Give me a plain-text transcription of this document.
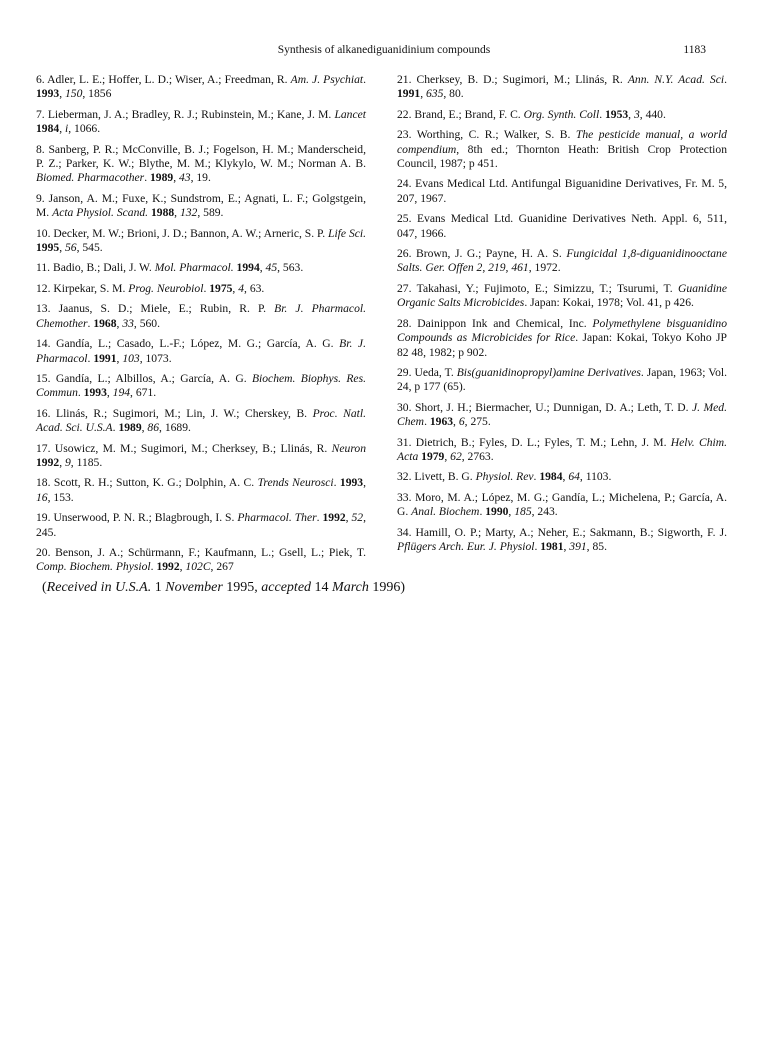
Synthesis of alkanediguanidinium compounds	1183

6. Adler, L. E.; Hoffer, L. D.; Wiser, A.; Freedman, R. Am. J. Psychiat. 1993, 150, 1856

7. Lieberman, J. A.; Bradley, R. J.; Rubinstein, M.; Kane, J. M. Lancet 1984, i, 1066.

8. Sanberg, P. R.; McConville, B. J.; Fogelson, H. M.; Manderscheid, P. Z.; Parker, K. W.; Blythe, M. M.; Klykylo, W. M.; Norman A. B. Biomed. Pharmacother. 1989, 43, 19.

9. Janson, A. M.; Fuxe, K.; Sundstrom, E.; Agnati, L. F.; Golgstgein, M. Acta Physiol. Scand. 1988, 132, 589.

10. Decker, M. W.; Brioni, J. D.; Bannon, A. W.; Arneric, S. P. Life Sci. 1995, 56, 545.

11. Badio, B.; Dali, J. W. Mol. Pharmacol. 1994, 45, 563.

12. Kirpekar, S. M. Prog. Neurobiol. 1975, 4, 63.

13. Jaanus, S. D.; Miele, E.; Rubin, R. P. Br. J. Pharmacol. Chemother. 1968, 33, 560.

14. Gandía, L.; Casado, L.-F.; López, M. G.; García, A. G. Br. J. Pharmacol. 1991, 103, 1073.

15. Gandía, L.; Albillos, A.; García, A. G. Biochem. Biophys. Res. Commun. 1993, 194, 671.

16. Llinás, R.; Sugimori, M.; Lin, J. W.; Cherskey, B. Proc. Natl. Acad. Sci. U.S.A. 1989, 86, 1689.

17. Usowicz, M. M.; Sugimori, M.; Cherksey, B.; Llinás, R. Neuron 1992, 9, 1185.

18. Scott, R. H.; Sutton, K. G.; Dolphin, A. C. Trends Neurosci. 1993, 16, 153.

19. Unserwood, P. N. R.; Blagbrough, I. S. Pharmacol. Ther. 1992, 52, 245.

20. Benson, J. A.; Schürmann, F.; Kaufmann, L.; Gsell, L.; Piek, T. Comp. Biochem. Physiol. 1992, 102C, 267

21. Cherksey, B. D.; Sugimori, M.; Llinás, R. Ann. N.Y. Acad. Sci. 1991, 635, 80.

22. Brand, E.; Brand, F. C. Org. Synth. Coll. 1953, 3, 440.

23. Worthing, C. R.; Walker, S. B. The pesticide manual, a world compendium, 8th ed.; Thornton Heath: British Crop Protection Council, 1987; p 451.

24. Evans Medical Ltd. Antifungal Biguanidine Derivatives, Fr. M. 5, 207, 1967.

25. Evans Medical Ltd. Guanidine Derivatives Neth. Appl. 6, 511, 047, 1966.

26. Brown, J. G.; Payne, H. A. S. Fungicidal 1,8-diguanidinooctane Salts. Ger. Offen 2, 219, 461, 1972.

27. Takahasi, Y.; Fujimoto, E.; Simizzu, T.; Tsurumi, T. Guanidine Organic Salts Microbicides. Japan: Kokai, 1978; Vol. 41, p 426.

28. Dainippon Ink and Chemical, Inc. Polymethylene bisguanidino Compounds as Microbicides for Rice. Japan: Kokai, Tokyo Koho JP 82 48, 1982; p 902.

29. Ueda, T. Bis(guanidinopropyl)amine Derivatives. Japan, 1963; Vol. 24, p 177 (65).

30. Short, J. H.; Biermacher, U.; Dunnigan, D. A.; Leth, T. D. J. Med. Chem. 1963, 6, 275.

31. Dietrich, B.; Fyles, D. L.; Fyles, T. M.; Lehn, J. M. Helv. Chim. Acta 1979, 62, 2763.

32. Livett, B. G. Physiol. Rev. 1984, 64, 1103.

33. Moro, M. A.; López, M. G.; Gandía, L.; Michelena, P.; García, A. G. Anal. Biochem. 1990, 185, 243.

34. Hamill, O. P.; Marty, A.; Neher, E.; Sakmann, B.; Sigworth, F. J. Pflügers Arch. Eur. J. Physiol. 1981, 391, 85.

(Received in U.S.A. 1 November 1995, accepted 14 March 1996)
